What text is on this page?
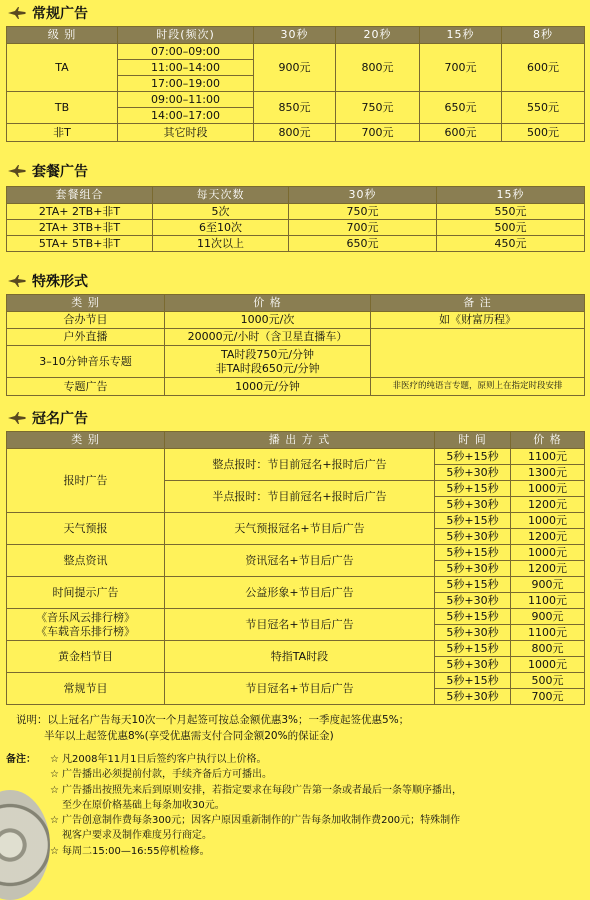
常规广告
级 别	时段(频次)	30秒	20秒	15秒	8秒
TA	07:00–09:00	900元	800元	700元	600元
	11:00–14:00				
	17:00–19:00				
TB	09:00–11:00	850元	750元	650元	550元
	14:00–17:00				
非T	其它时段	800元	700元	600元	500元
套餐广告
套餐组合	每天次数	30秒	15秒
2TA+ 2TB+非T	5次	750元	550元
2TA+ 3TB+非T	6至10次	700元	500元
5TA+ 5TB+非T	11次以上	650元	450元
特殊形式
类 别	价 格	备 注
合办节目	1000元/次	如《财富历程》
户外直播	20000元/小时（含卫星直播车）	
3–10分钟音乐专题	TA时段750元/分钟
非TA时段650元/分钟	

专题广告	1000元/分钟	非医疗的纯语言专题，原则上在指定时段安排
冠名广告
类 别	播 出 方 式	时 间	价 格
报时广告	整点报时：节目前冠名+报时后广告	5秒+15秒	1100元
		5秒+30秒	1300元
	半点报时：节目前冠名+报时后广告	5秒+15秒	1000元
		5秒+30秒	1200元
天气预报	天气预报冠名+节目后广告	5秒+15秒	1000元
		5秒+30秒	1200元
整点资讯	资讯冠名+节目后广告	5秒+15秒	1000元
		5秒+30秒	1200元
时间提示广告	公益形象+节目后广告	5秒+15秒	900元
		5秒+30秒	1100元

《音乐风云排行榜》
《车载音乐排行榜》	节目冠名+节目后广告	5秒+15秒	900元
		5秒+30秒	1100元
黄金档节目	特指TA时段	5秒+15秒	800元
		5秒+30秒	1000元
常规节目	节目冠名+节目后广告	5秒+15秒	500元
		5秒+30秒	700元
说明：以上冠名广告每天10次一个月起签可按总金额优惠3%；一季度起签优惠5%；
半年以上起签优惠8%(享受优惠需支付合同金额20%的保证金)
备注： ☆ 凡2008年11月1日后签约客户执行以上价格。
☆ 广告播出必须提前付款，手续齐备后方可播出。
☆ 广告播出按照先来后到原则安排，若指定要求在每段广告第一条或者最后一条等顺序播出，
至少在原价格基础上每条加收30元。
☆ 广告创意制作费每条300元；因客户原因重新制作的广告每条加收制作费200元；特殊制作
视客户要求及制作难度另行商定。
☆ 每周二15:00—16:55停机检修。
